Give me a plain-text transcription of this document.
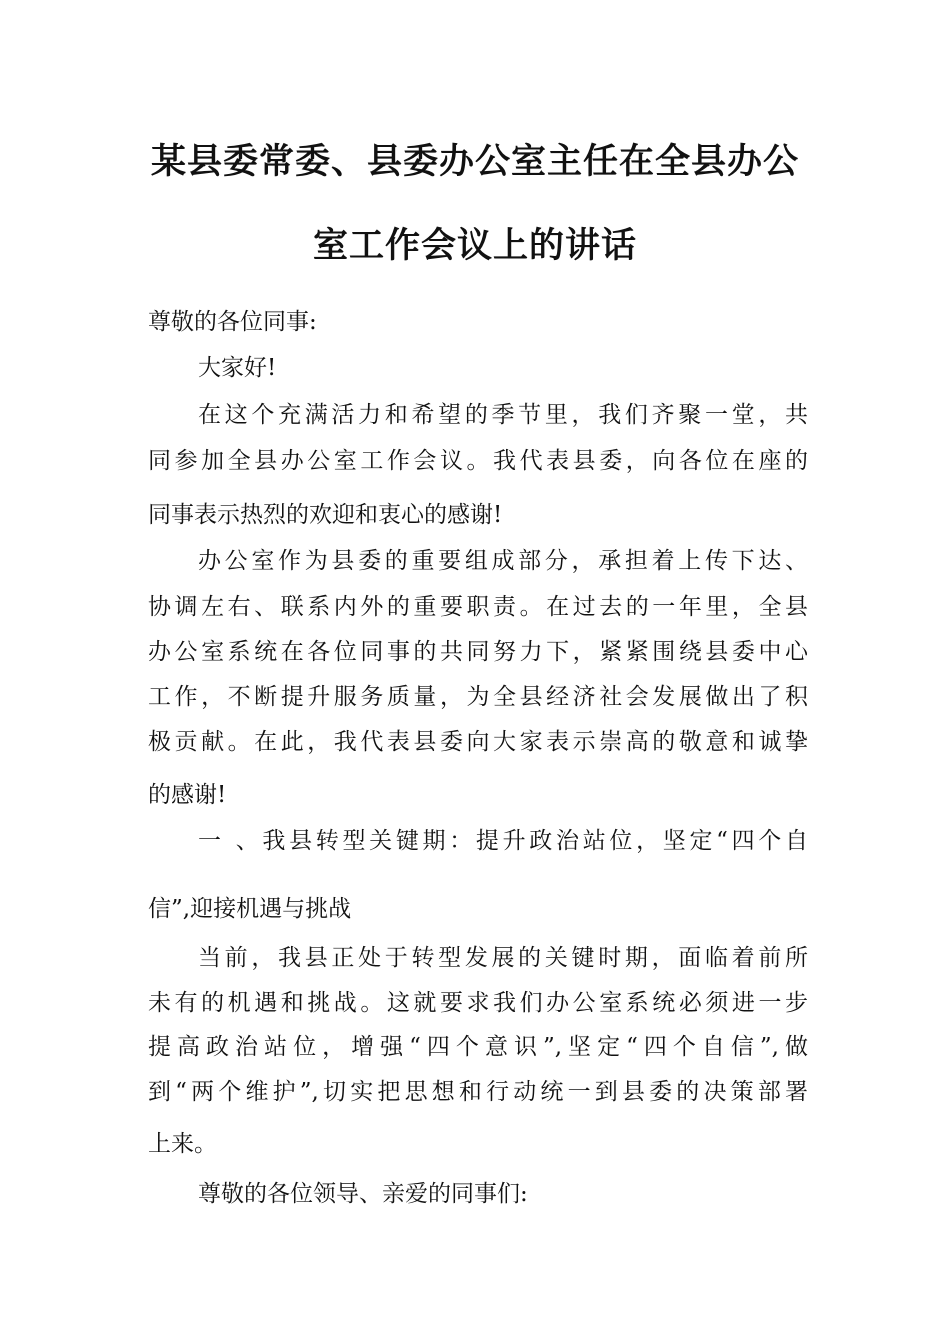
某县委常委、县委办公室主任在全县办公
室工作会议上的讲话
尊敬的各位同事:
大家好!
在这个充满活力和希望的季节里，我们齐聚一堂，共
同参加全县办公室工作会议。我代表县委，向各位在座的
同事表示热烈的欢迎和衷心的感谢!
办公室作为县委的重要组成部分，承担着上传下达、
协调左右、联系内外的重要职责。在过去的一年里，全县
办公室系统在各位同事的共同努力下，紧紧围绕县委中心
工作，不断提升服务质量，为全县经济社会发展做出了积
极贡献。在此，我代表县委向大家表示崇高的敬意和诚挚
的感谢!
一 、我县转型关键期：提升政治站位，坚定“四个自
信”,迎接机遇与挑战
当前，我县正处于转型发展的关键时期，面临着前所
未有的机遇和挑战。这就要求我们办公室系统必须进一步
提高政治站位，增强“四个意识”,坚定“四个自信”,做
到“两个维护”,切实把思想和行动统一到县委的决策部署
上来。
尊敬的各位领导、亲爱的同事们:
